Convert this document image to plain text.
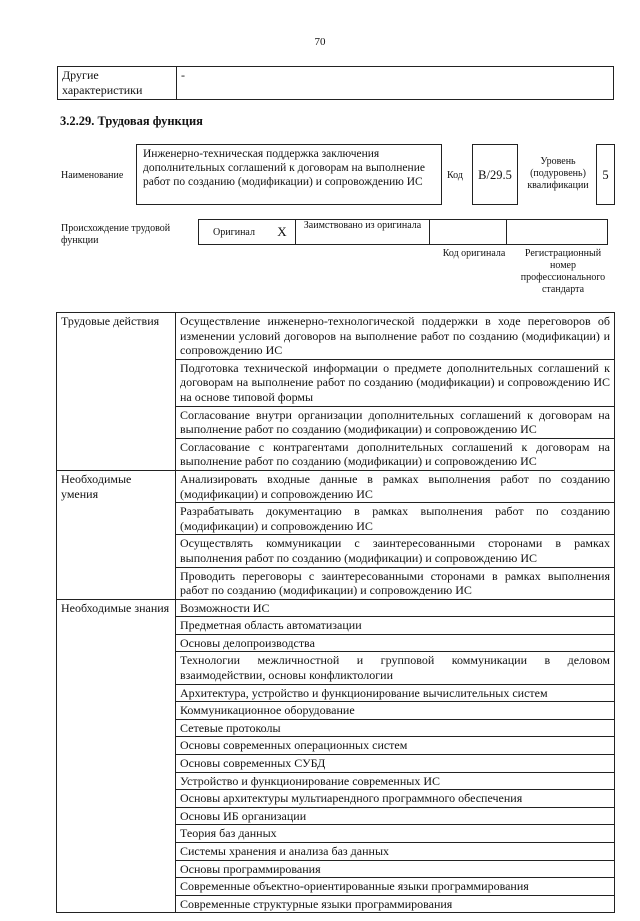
70
Другие характеристики	-
3.2.29. Трудовая функция
Наименование
Инженерно-техническая поддержка заключения дополнительных соглашений к договорам на выполнение работ по созданию (модификации) и сопровождению ИС
Код	B/29.5
Уровень (подуровень) квалификации
5
Происхождение трудовой функции
Оригинал	X	Заимствовано из оригинала		
Код оригинала	Регистрационный номер профессионального стандарта
Трудовые действия	Осуществление инженерно-технологической поддержки в ходе переговоров об изменении условий договоров на выполнение работ по созданию (модификации) и сопровождению ИС
	Подготовка технической информации о предмете дополнительных соглашений к договорам на выполнение работ по созданию (модификации) и сопровождению ИС на основе типовой формы
	Согласование внутри организации дополнительных соглашений к договорам на выполнение работ по созданию (модификации) и сопровождению ИС
	Согласование с контрагентами дополнительных соглашений к договорам на выполнение работ по созданию (модификации) и сопровождению ИС
Необходимые умения	Анализировать входные данные в рамках выполнения работ по созданию (модификации) и сопровождению ИС
	Разрабатывать документацию в рамках выполнения работ по созданию (модификации) и сопровождению ИС
	Осуществлять коммуникации с заинтересованными сторонами в рамках выполнения работ по созданию (модификации) и сопровождению ИС
	Проводить переговоры с заинтересованными сторонами в рамках выполнения работ по созданию (модификации) и сопровождению ИС
Необходимые знания	Возможности ИС
	Предметная область автоматизации
	Основы делопроизводства
	Технологии межличностной и групповой коммуникации в деловом взаимодействии, основы конфликтологии
	Архитектура, устройство и функционирование вычислительных систем
	Коммуникационное оборудование
	Сетевые протоколы
	Основы современных операционных систем
	Основы современных СУБД
	Устройство и функционирование современных ИС
	Основы архитектуры мультиарендного программного обеспечения
	Основы ИБ организации
	Теория баз данных
	Системы хранения и анализа баз данных
	Основы программирования
	Современные объектно-ориентированные языки программирования
	Современные структурные языки программирования
